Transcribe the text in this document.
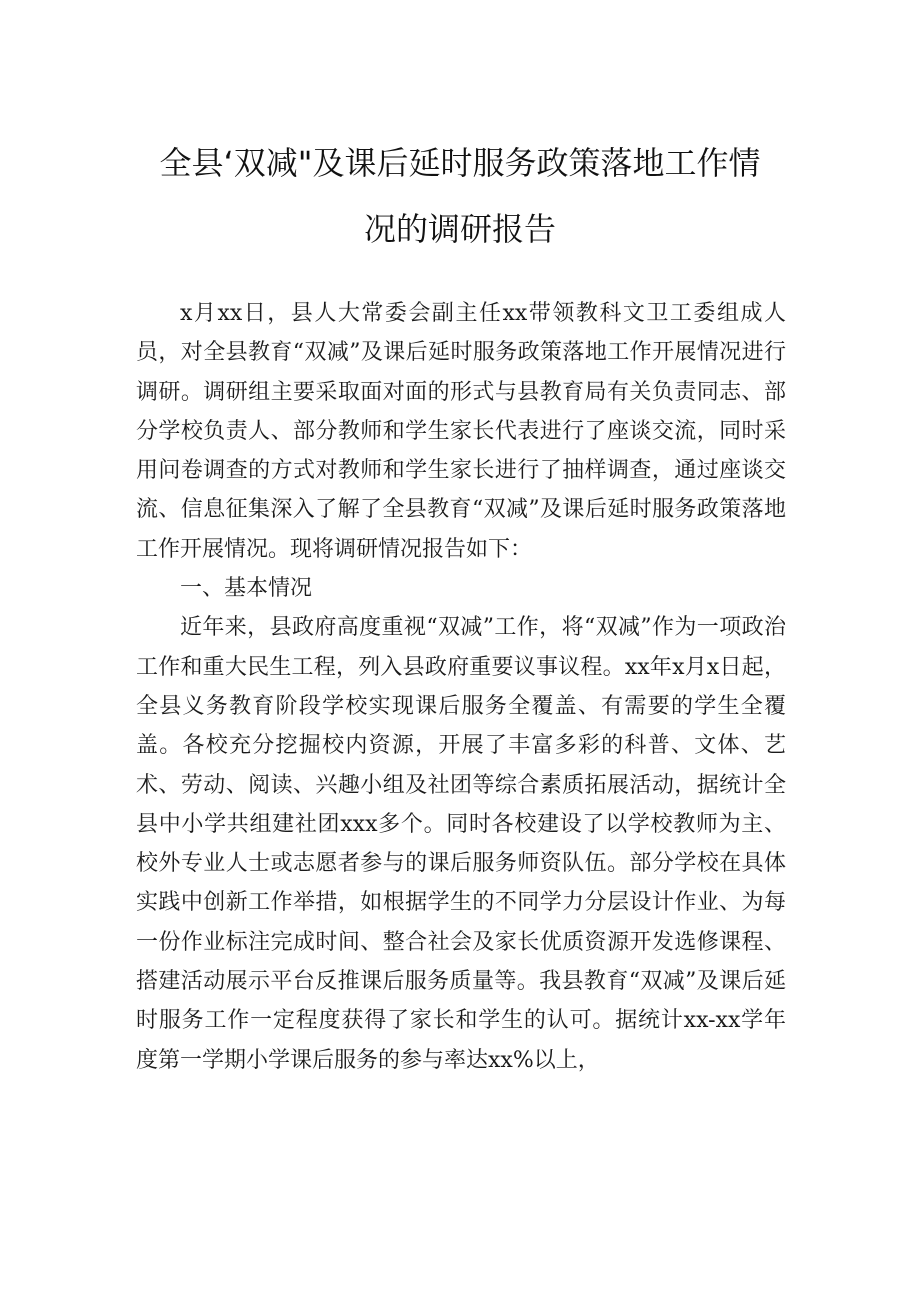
全县‘双减"及课后延时服务政策落地工作情
况的调研报告

x月xx日，县人大常委会副主任xx带领教科文卫工委组成人员，对全县教育“双减”及课后延时服务政策落地工作开展情况进行调研。调研组主要采取面对面的形式与县教育局有关负责同志、部分学校负责人、部分教师和学生家长代表进行了座谈交流，同时采用问卷调查的方式对教师和学生家长进行了抽样调查，通过座谈交流、信息征集深入了解了全县教育“双减”及课后延时服务政策落地工作开展情况。现将调研情况报告如下：

一、基本情况

近年来，县政府高度重视“双减”工作，将“双减”作为一项政治工作和重大民生工程，列入县政府重要议事议程。xx年x月x日起，全县义务教育阶段学校实现课后服务全覆盖、有需要的学生全覆盖。各校充分挖掘校内资源，开展了丰富多彩的科普、文体、艺术、劳动、阅读、兴趣小组及社团等综合素质拓展活动，据统计全县中小学共组建社团xxx多个。同时各校建设了以学校教师为主、校外专业人士或志愿者参与的课后服务师资队伍。部分学校在具体实践中创新工作举措，如根据学生的不同学力分层设计作业、为每一份作业标注完成时间、整合社会及家长优质资源开发选修课程、搭建活动展示平台反推课后服务质量等。我县教育“双减”及课后延时服务工作一定程度获得了家长和学生的认可。据统计xx-xx学年度第一学期小学课后服务的参与率达xx%以上，
